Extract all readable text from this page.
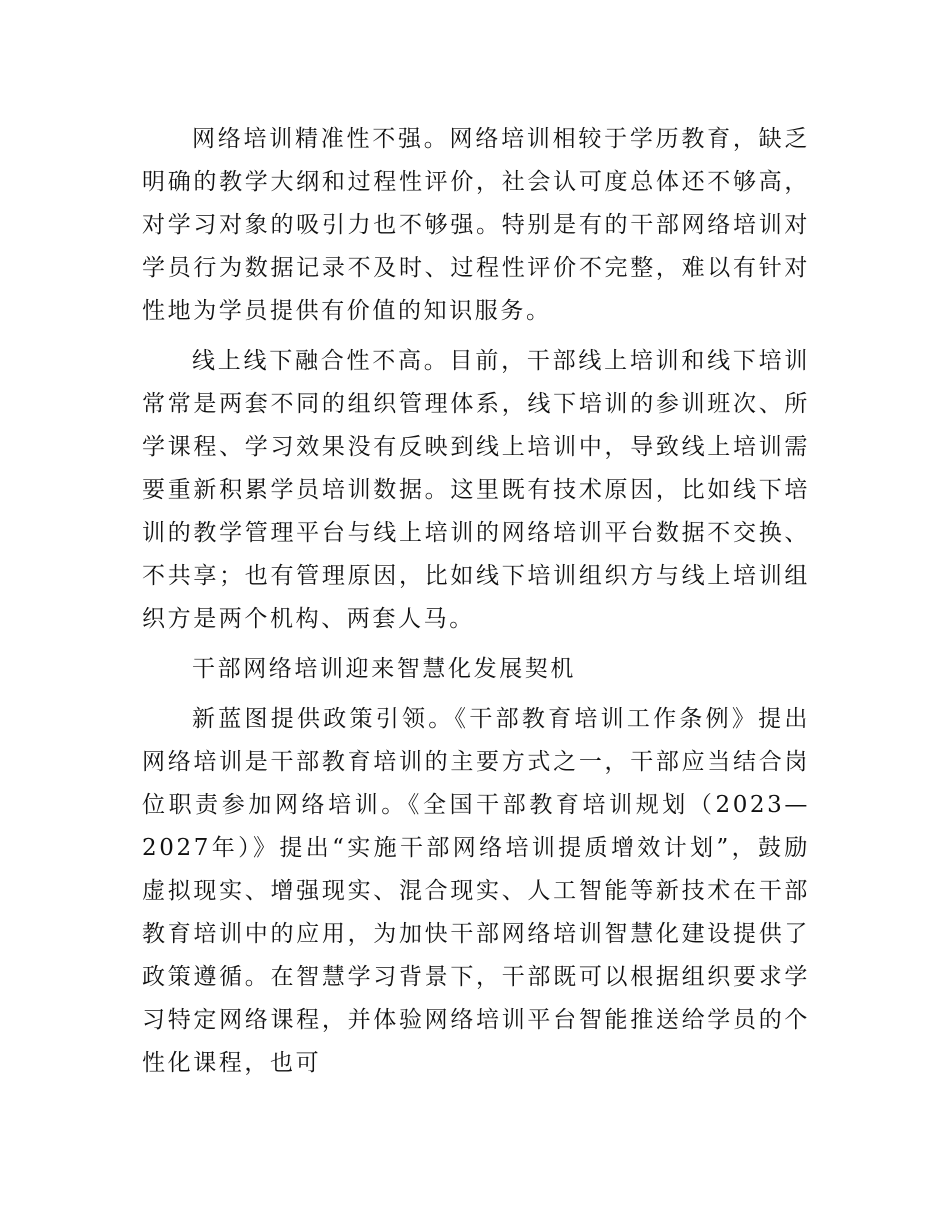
网络培训精准性不强。网络培训相较于学历教育，缺乏明确的教学大纲和过程性评价，社会认可度总体还不够高，对学习对象的吸引力也不够强。特别是有的干部网络培训对学员行为数据记录不及时、过程性评价不完整，难以有针对性地为学员提供有价值的知识服务。

线上线下融合性不高。目前，干部线上培训和线下培训常常是两套不同的组织管理体系，线下培训的参训班次、所学课程、学习效果没有反映到线上培训中，导致线上培训需要重新积累学员培训数据。这里既有技术原因，比如线下培训的教学管理平台与线上培训的网络培训平台数据不交换、不共享；也有管理原因，比如线下培训组织方与线上培训组织方是两个机构、两套人马。

干部网络培训迎来智慧化发展契机

新蓝图提供政策引领。《干部教育培训工作条例》提出网络培训是干部教育培训的主要方式之一，干部应当结合岗位职责参加网络培训。《全国干部教育培训规划（2023—2027年）》提出“实施干部网络培训提质增效计划”，鼓励虚拟现实、增强现实、混合现实、人工智能等新技术在干部教育培训中的应用，为加快干部网络培训智慧化建设提供了政策遵循。在智慧学习背景下，干部既可以根据组织要求学习特定网络课程，并体验网络培训平台智能推送给学员的个性化课程，也可
